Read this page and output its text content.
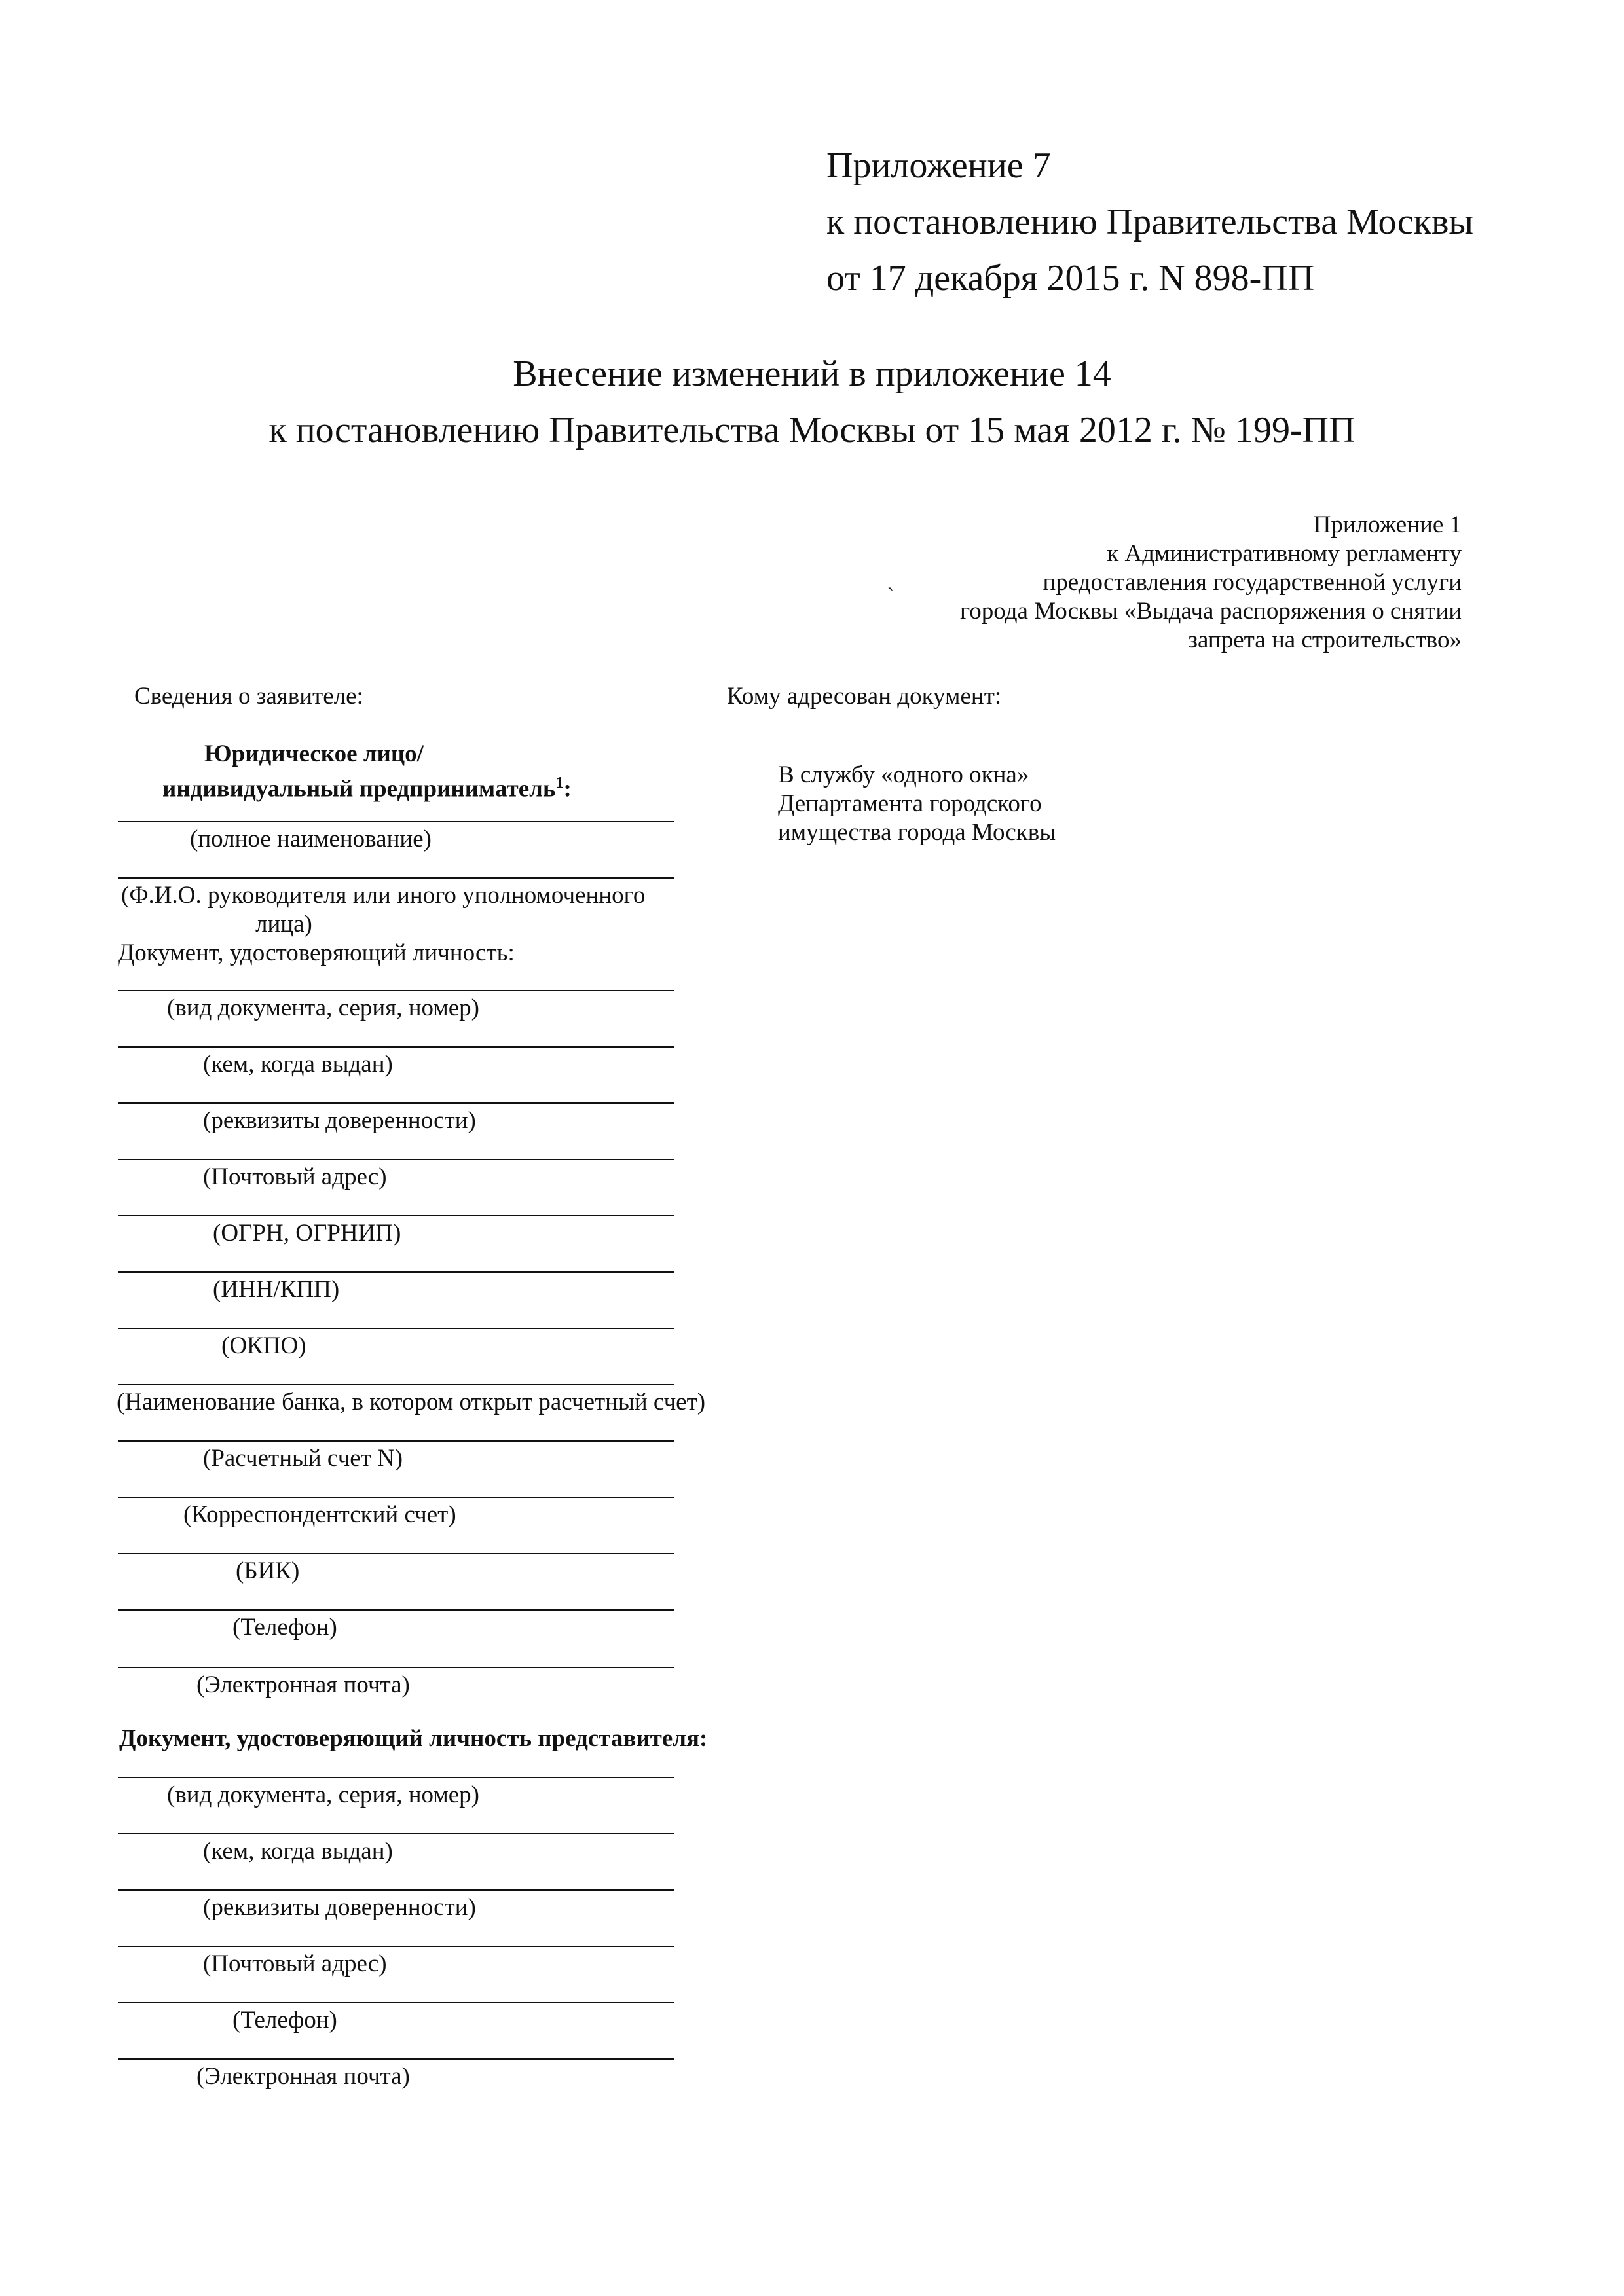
Приложение 7
к постановлению Правительства Москвы
от 17 декабря 2015 г. N 898-ПП
Внесение изменений в приложение 14
к постановлению Правительства Москвы от 15 мая 2012 г. № 199-ПП
Приложение 1
к Административному регламенту
предоставления государственной услуги
города Москвы «Выдача распоряжения о снятии
запрета на строительство»
`
Сведения о заявителе:
Юридическое лицо/
индивидуальный предприниматель$^1$:
(полное наименование)
(Ф.И.О. руководителя или иного уполномоченного
лица)
Документ, удостоверяющий личность:
(вид документа, серия, номер)
(кем, когда выдан)
(реквизиты доверенности)
(Почтовый адрес)
(ОГРН, ОГРНИП)
(ИНН/КПП)
(ОКПО)
(Наименование банка, в котором открыт расчетный счет)
(Расчетный счет N)
(Корреспондентский счет)
(БИК)
(Телефон)
(Электронная почта)
Документ, удостоверяющий личность представителя:
(вид документа, серия, номер)
(кем, когда выдан)
(реквизиты доверенности)
(Почтовый адрес)
(Телефон)
(Электронная почта)
Кому адресован документ:
В службу «одного окна»
Департамента городского
имущества города Москвы
